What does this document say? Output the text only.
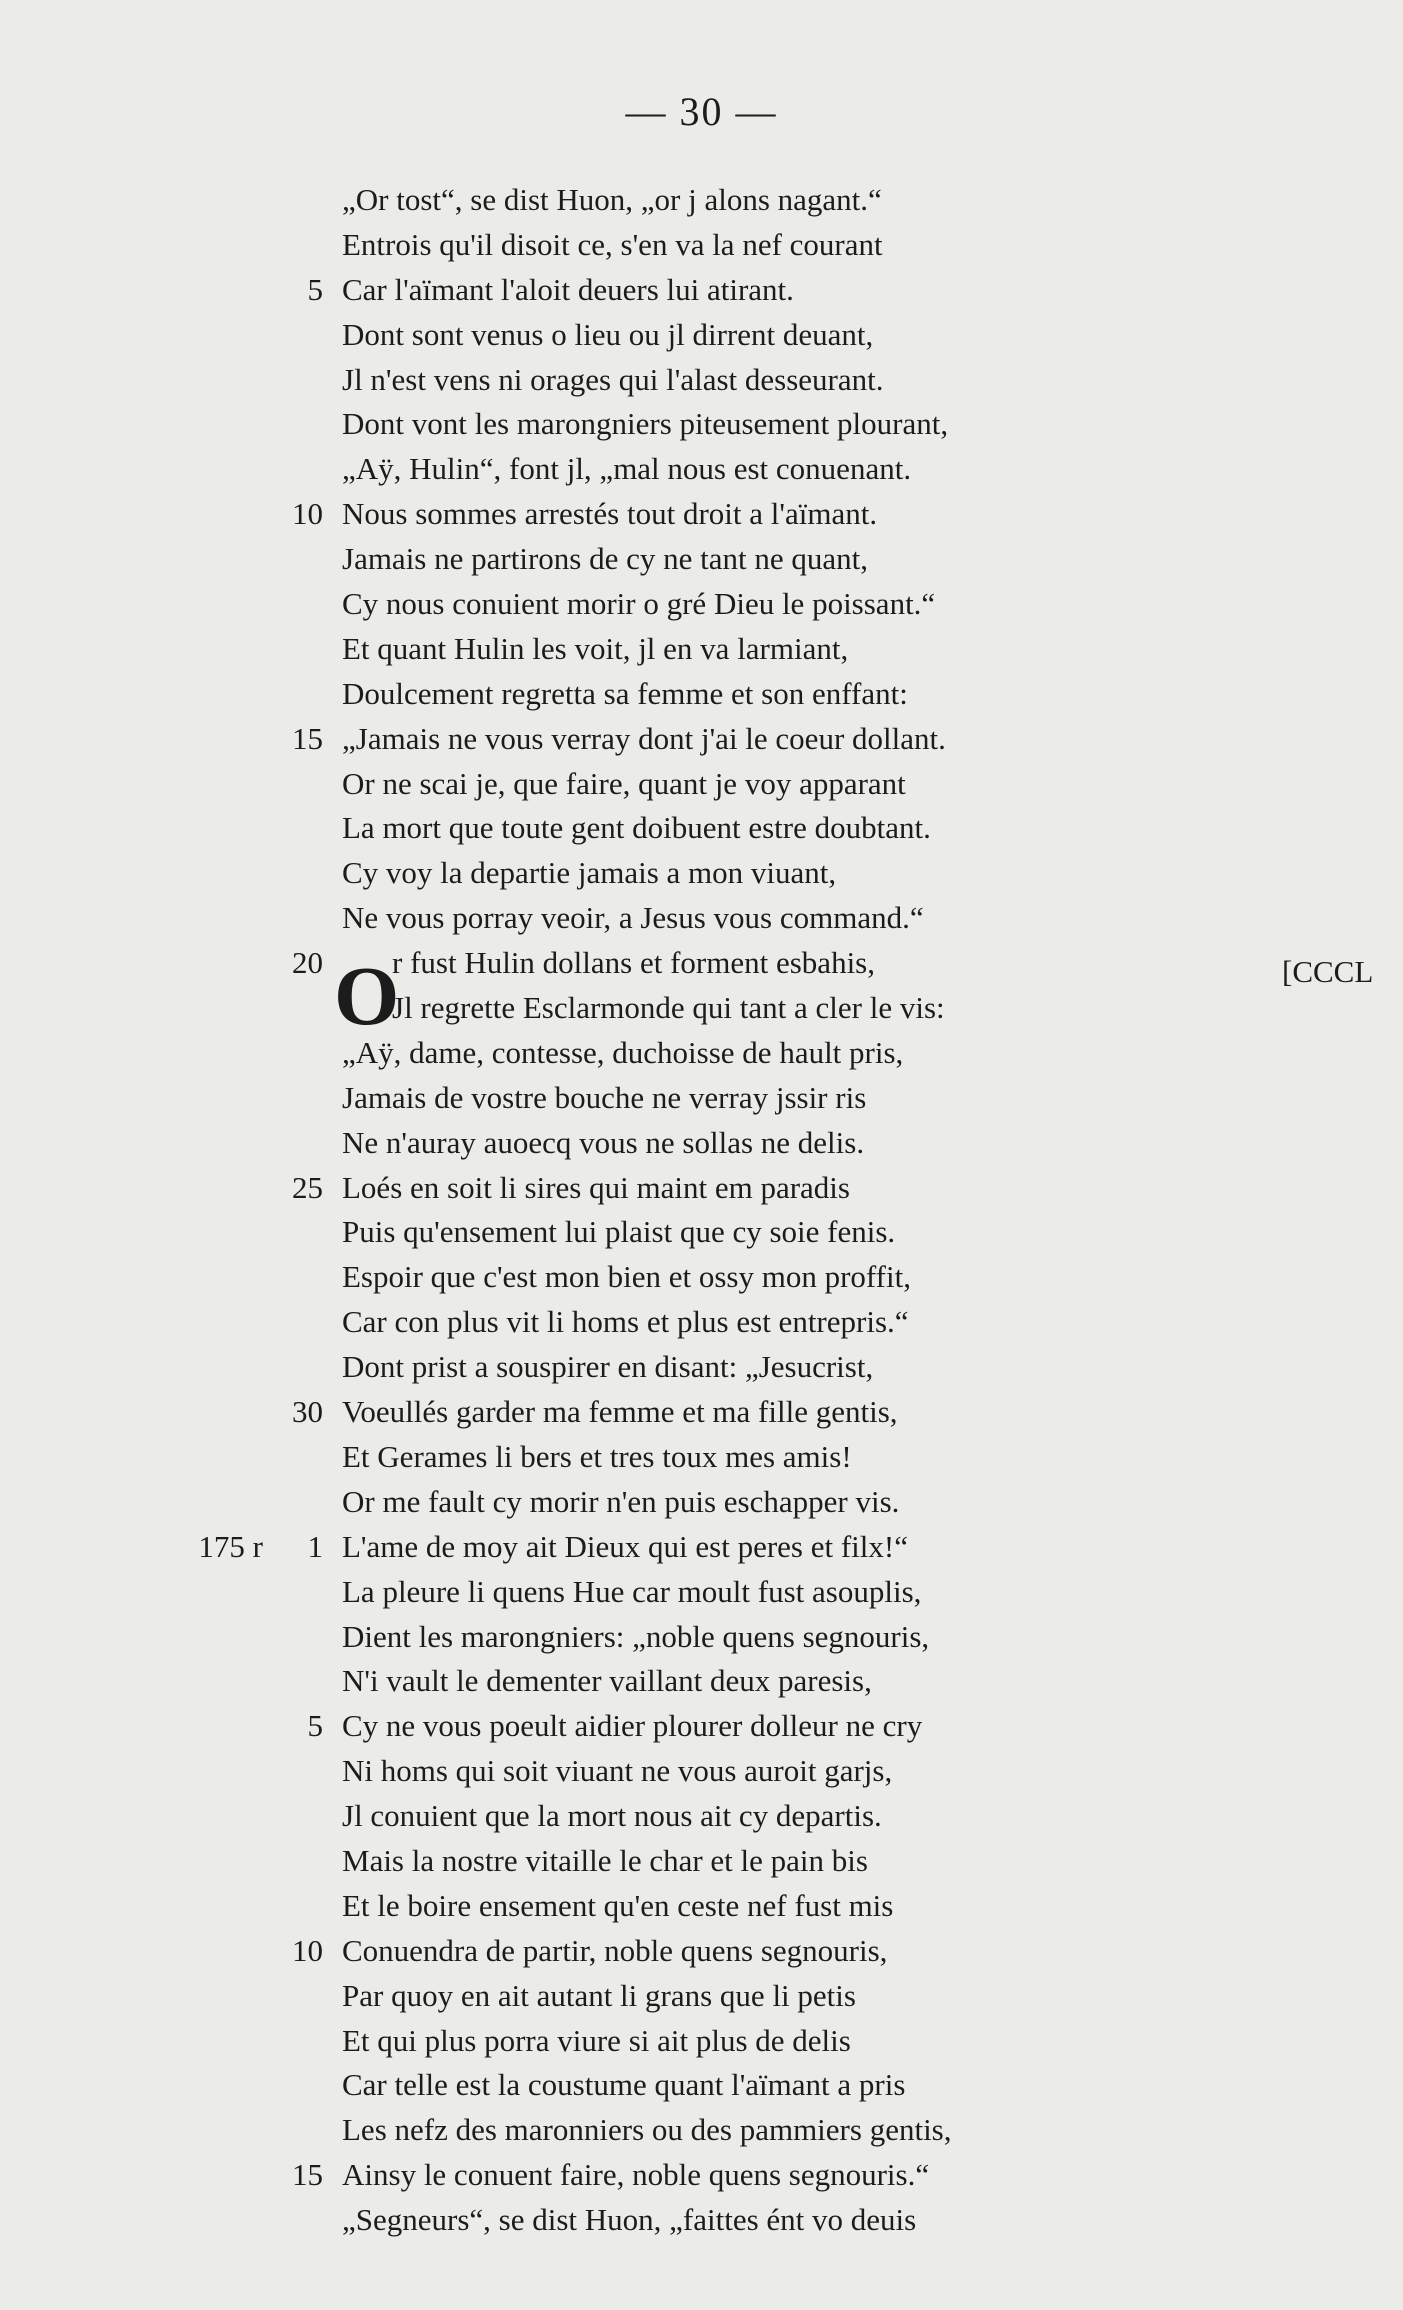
— 30 —
[CCCL
O
„Or tost“, se dist Huon, „or j alons nagant.“
Entrois qu'il disoit ce, s'en va la nef courant
5 Car l'aïmant l'aloit deuers lui atirant.
Dont sont venus o lieu ou jl dirrent deuant,
Jl n'est vens ni orages qui l'alast desseurant.
Dont vont les marongniers piteusement plourant,
„Aÿ, Hulin“, font jl, „mal nous est conuenant.
10 Nous sommes arrestés tout droit a l'aïmant.
Jamais ne partirons de cy ne tant ne quant,
Cy nous conuient morir o gré Dieu le poissant.“
Et quant Hulin les voit, jl en va larmiant,
Doulcement regretta sa femme et son enffant:
15 „Jamais ne vous verray dont j'ai le coeur dollant.
Or ne scai je, que faire, quant je voy apparant
La mort que toute gent doibuent estre doubtant.
Cy voy la departie jamais a mon viuant,
Ne vous porray veoir, a Jesus vous command.“
20	r fust Hulin dollans et forment esbahis,
Jl regrette Esclarmonde qui tant a cler le vis:
„Aÿ, dame, contesse, duchoisse de hault pris,
Jamais de vostre bouche ne verray jssir ris
Ne n'auray auoecq vous ne sollas ne delis.
25 Loés en soit li sires qui maint em paradis
Puis qu'ensement lui plaist que cy soie fenis.
Espoir que c'est mon bien et ossy mon proffit,
Car con plus vit li homs et plus est entrepris.“
Dont prist a souspirer en disant: „Jesucrist,
30 Voeullés garder ma femme et ma fille gentis,
Et Gerames li bers et tres toux mes amis!
Or me fault cy morir n'en puis eschapper vis.
175 r 1 L'ame de moy ait Dieux qui est peres et filx!“
La pleure li quens Hue car moult fust asouplis,
Dient les marongniers: „noble quens segnouris,
N'i vault le dementer vaillant deux paresis,
5 Cy ne vous poeult aidier plourer dolleur ne cry
Ni homs qui soit viuant ne vous auroit garjs,
Jl conuient que la mort nous ait cy departis.
Mais la nostre vitaille le char et le pain bis
Et le boire ensement qu'en ceste nef fust mis
10 Conuendra de partir, noble quens segnouris,
Par quoy en ait autant li grans que li petis
Et qui plus porra viure si ait plus de delis
Car telle est la coustume quant l'aïmant a pris
Les nefz des maronniers ou des pammiers gentis,
15 Ainsy le conuent faire, noble quens segnouris.“
„Segneurs“, se dist Huon, „faittes ént vo deuis
